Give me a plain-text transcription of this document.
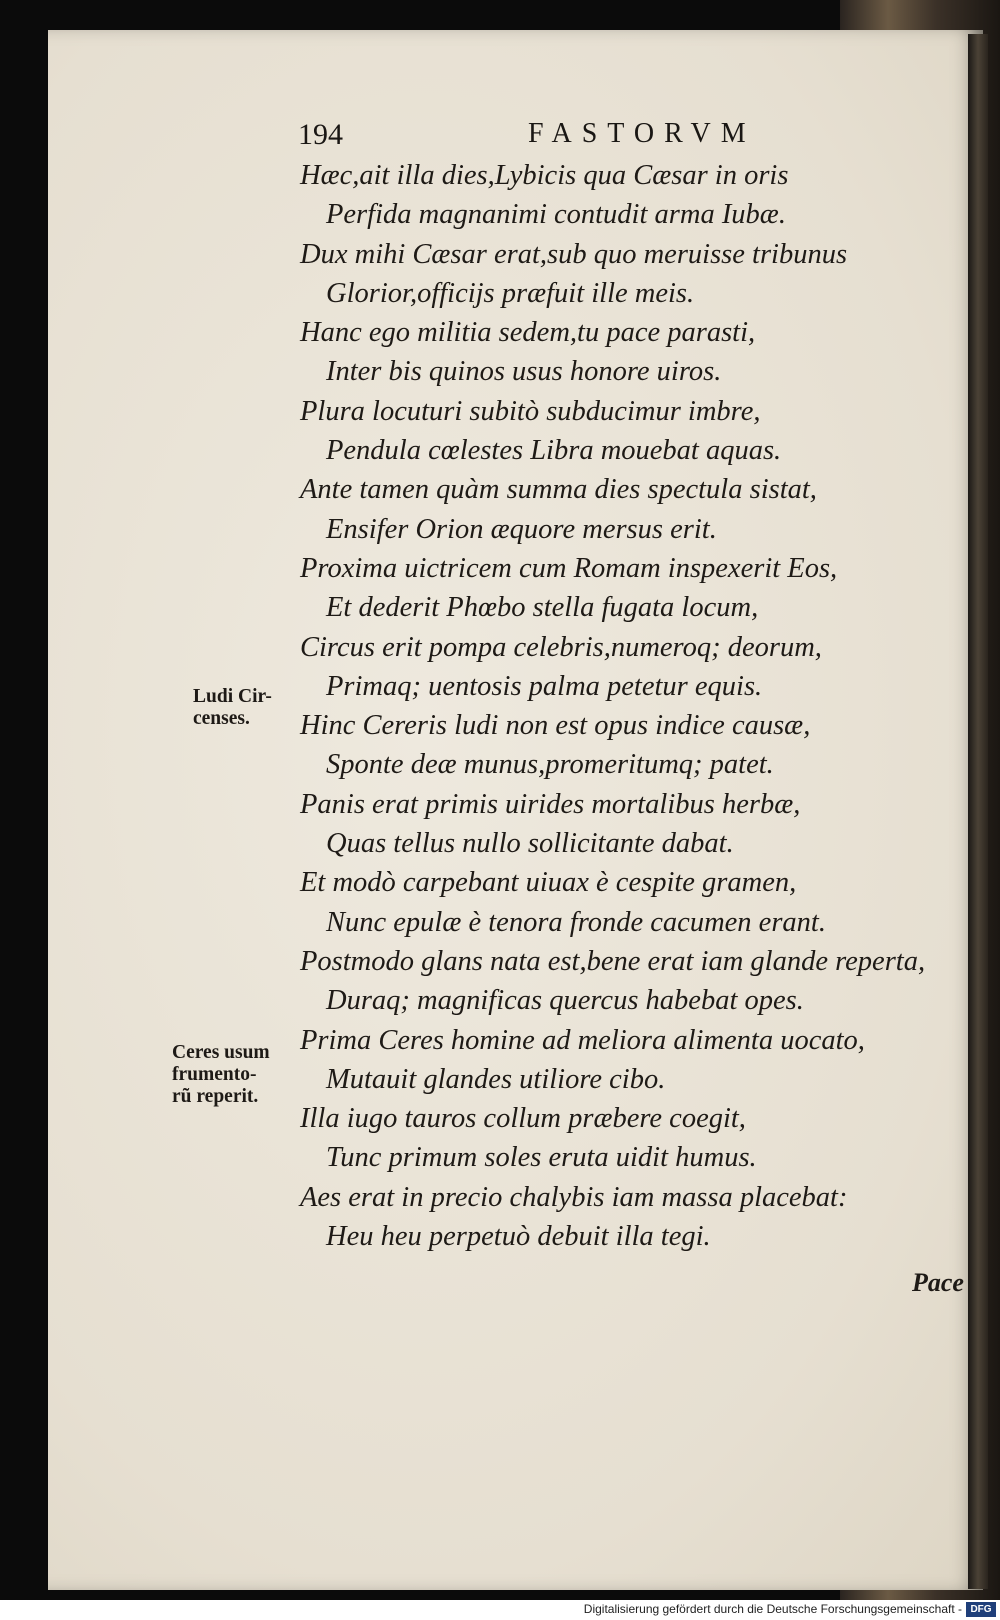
194	FASTORVM
Hæc,ait illa dies,Lybicis qua Cæsar in oris
Perfida magnanimi contudit arma Iubæ.
Dux mihi Cæsar erat,sub quo meruisse tribunus
Glorior,officijs præfuit ille meis.
Hanc ego militia sedem,tu pace parasti,
Inter bis quinos usus honore uiros.
Plura locuturi subitò subducimur imbre,
Pendula cœlestes Libra mouebat aquas.
Ante tamen quàm summa dies spectula sistat,
Ensifer Orion æquore mersus erit.
Proxima uictricem cum Romam inspexerit Eos,
Et dederit Phœbo stella fugata locum,
Circus erit pompa celebris,numeroq; deorum,
Primaq; uentosis palma petetur equis.
Hinc Cereris ludi non est opus indice causæ,
Sponte deæ munus,promeritumq; patet.
Panis erat primis uirides mortalibus herbæ,
Quas tellus nullo sollicitante dabat.
Et modò carpebant uiuax è cespite gramen,
Nunc epulæ è tenora fronde cacumen erant.
Postmodo glans nata est,bene erat iam glande reperta,
Duraq; magnificas quercus habebat opes.
Prima Ceres homine ad meliora alimenta uocato,
Mutauit glandes utiliore cibo.
Illa iugo tauros collum præbere coegit,
Tunc primum soles eruta uidit humus.
Aes erat in precio chalybis iam massa placebat:
Heu heu perpetuò debuit illa tegi.
Ludi Cir-
censes.
Ceres usum
frumento-
rũ reperit.
Pace
Digitalisierung gefördert durch die Deutsche Forschungsgemeinschaft - DFG
